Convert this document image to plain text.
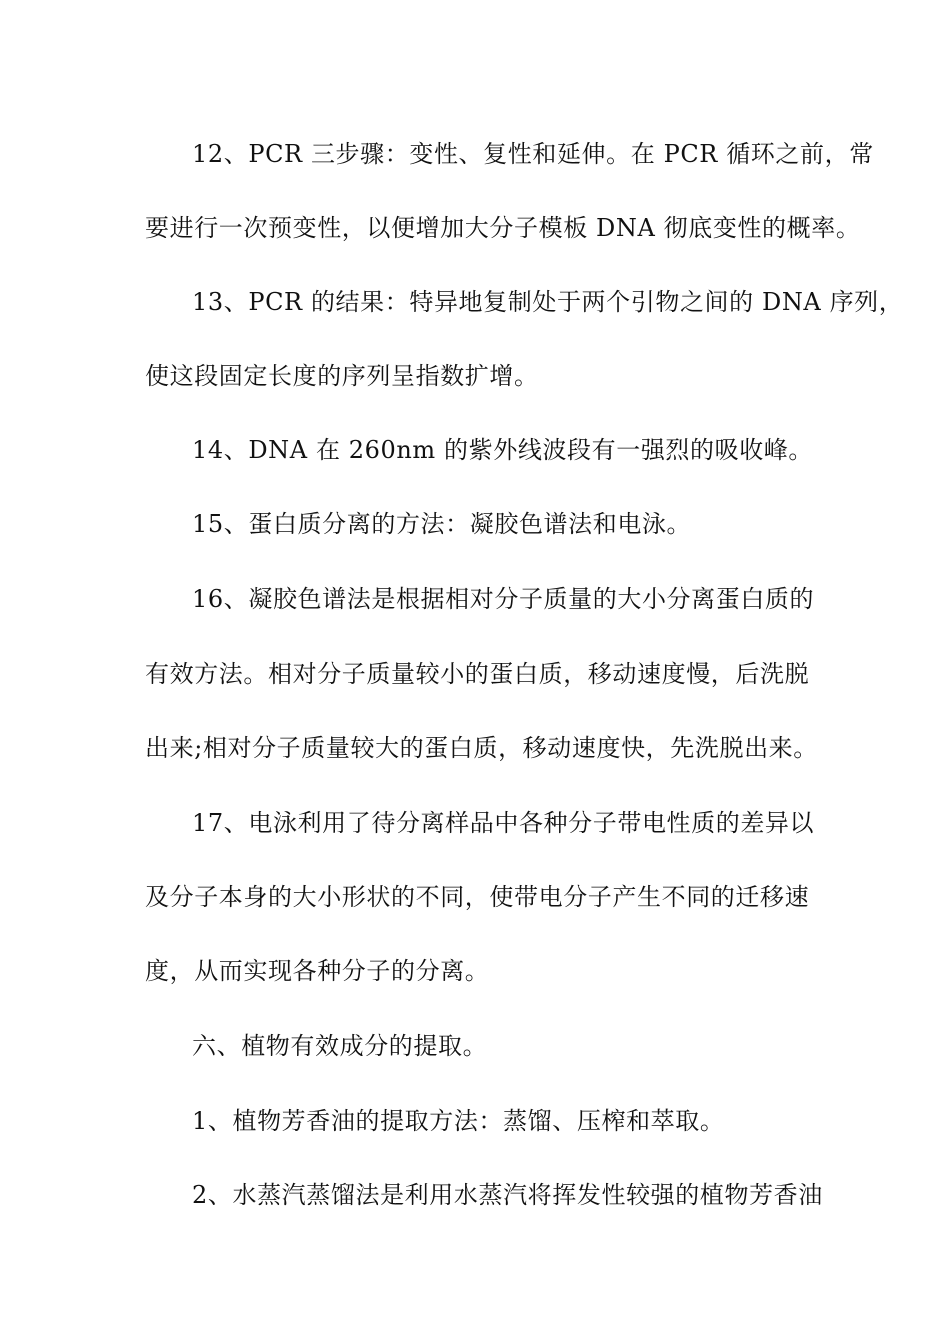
12、PCR 三步骤：变性、复性和延伸。在 PCR 循环之前，常
要进行一次预变性，以便增加大分子模板 DNA 彻底变性的概率。
13、PCR 的结果：特异地复制处于两个引物之间的 DNA 序列，
使这段固定长度的序列呈指数扩增。
14、DNA 在 260nm 的紫外线波段有一强烈的吸收峰。
15、蛋白质分离的方法：凝胶色谱法和电泳。
16、凝胶色谱法是根据相对分子质量的大小分离蛋白质的
有效方法。相对分子质量较小的蛋白质，移动速度慢，后洗脱
出来;相对分子质量较大的蛋白质，移动速度快，先洗脱出来。
17、电泳利用了待分离样品中各种分子带电性质的差异以
及分子本身的大小形状的不同，使带电分子产生不同的迁移速
度，从而实现各种分子的分离。
六、植物有效成分的提取。
1、植物芳香油的提取方法：蒸馏、压榨和萃取。
2、水蒸汽蒸馏法是利用水蒸汽将挥发性较强的植物芳香油
